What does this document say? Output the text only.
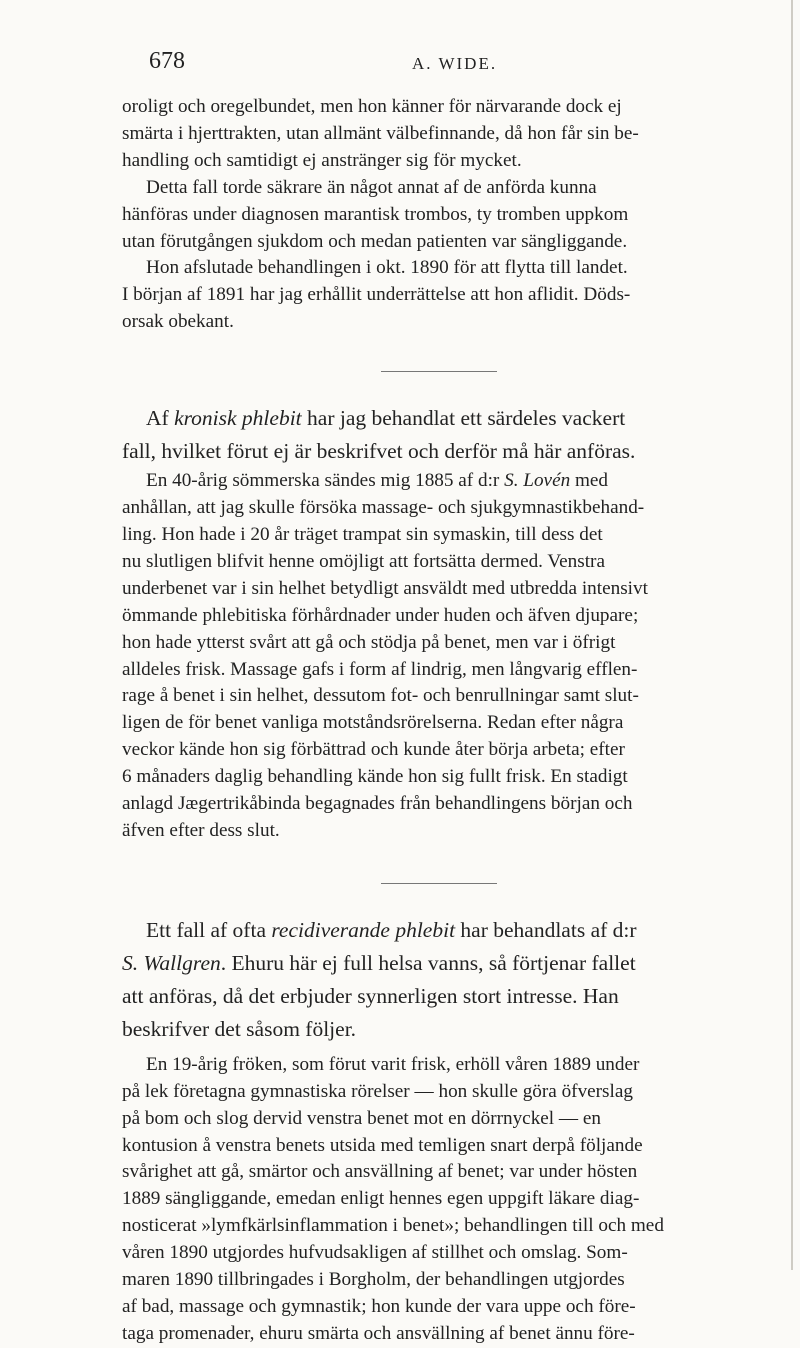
678	A. WIDE.

oroligt och oregelbundet, men hon känner för närvarande dock ej
smärta i hjerttrakten, utan allmänt välbefinnande, då hon får sin be-
handling och samtidigt ej anstränger sig för mycket.
Detta fall torde säkrare än något annat af de anförda kunna
hänföras under diagnosen marantisk trombos, ty tromben uppkom
utan förutgången sjukdom och medan patienten var sängliggande.
Hon afslutade behandlingen i okt. 1890 för att flytta till landet.
I början af 1891 har jag erhållit underrättelse att hon aflidit. Döds-
orsak obekant.

Af kronisk phlebit har jag behandlat ett särdeles vackert
fall, hvilket förut ej är beskrifvet och derför må här anföras.

En 40-årig sömmerska sändes mig 1885 af d:r S. Lovén med
anhållan, att jag skulle försöka massage- och sjukgymnastikbehand-
ling. Hon hade i 20 år träget trampat sin symaskin, till dess det
nu slutligen blifvit henne omöjligt att fortsätta dermed. Venstra
underbenet var i sin helhet betydligt ansväldt med utbredda intensivt
ömmande phlebitiska förhårdnader under huden och äfven djupare;
hon hade ytterst svårt att gå och stödja på benet, men var i öfrigt
alldeles frisk. Massage gafs i form af lindrig, men långvarig efflen-
rage å benet i sin helhet, dessutom fot- och benrullningar samt slut-
ligen de för benet vanliga motståndsrörelserna. Redan efter några
veckor kände hon sig förbättrad och kunde åter börja arbeta; efter
6 månaders daglig behandling kände hon sig fullt frisk. En stadigt
anlagd Jægertrikåbinda begagnades från behandlingens början och
äfven efter dess slut.

Ett fall af ofta recidiverande phlebit har behandlats af d:r
S. Wallgren. Ehuru här ej full helsa vanns, så förtjenar fallet
att anföras, då det erbjuder synnerligen stort intresse. Han
beskrifver det såsom följer.

En 19-årig fröken, som förut varit frisk, erhöll våren 1889 under
på lek företagna gymnastiska rörelser — hon skulle göra öfverslag
på bom och slog dervid venstra benet mot en dörrnyckel — en
kontusion å venstra benets utsida med temligen snart derpå följande
svårighet att gå, smärtor och ansvällning af benet; var under hösten
1889 sängliggande, emedan enligt hennes egen uppgift läkare diag-
nosticerat »lymfkärlsinflammation i benet»; behandlingen till och med
våren 1890 utgjordes hufvudsakligen af stillhet och omslag. Som-
maren 1890 tillbringades i Borgholm, der behandlingen utgjordes
af bad, massage och gymnastik; hon kunde der vara uppe och före-
taga promenader, ehuru smärta och ansvällning af benet ännu före-
